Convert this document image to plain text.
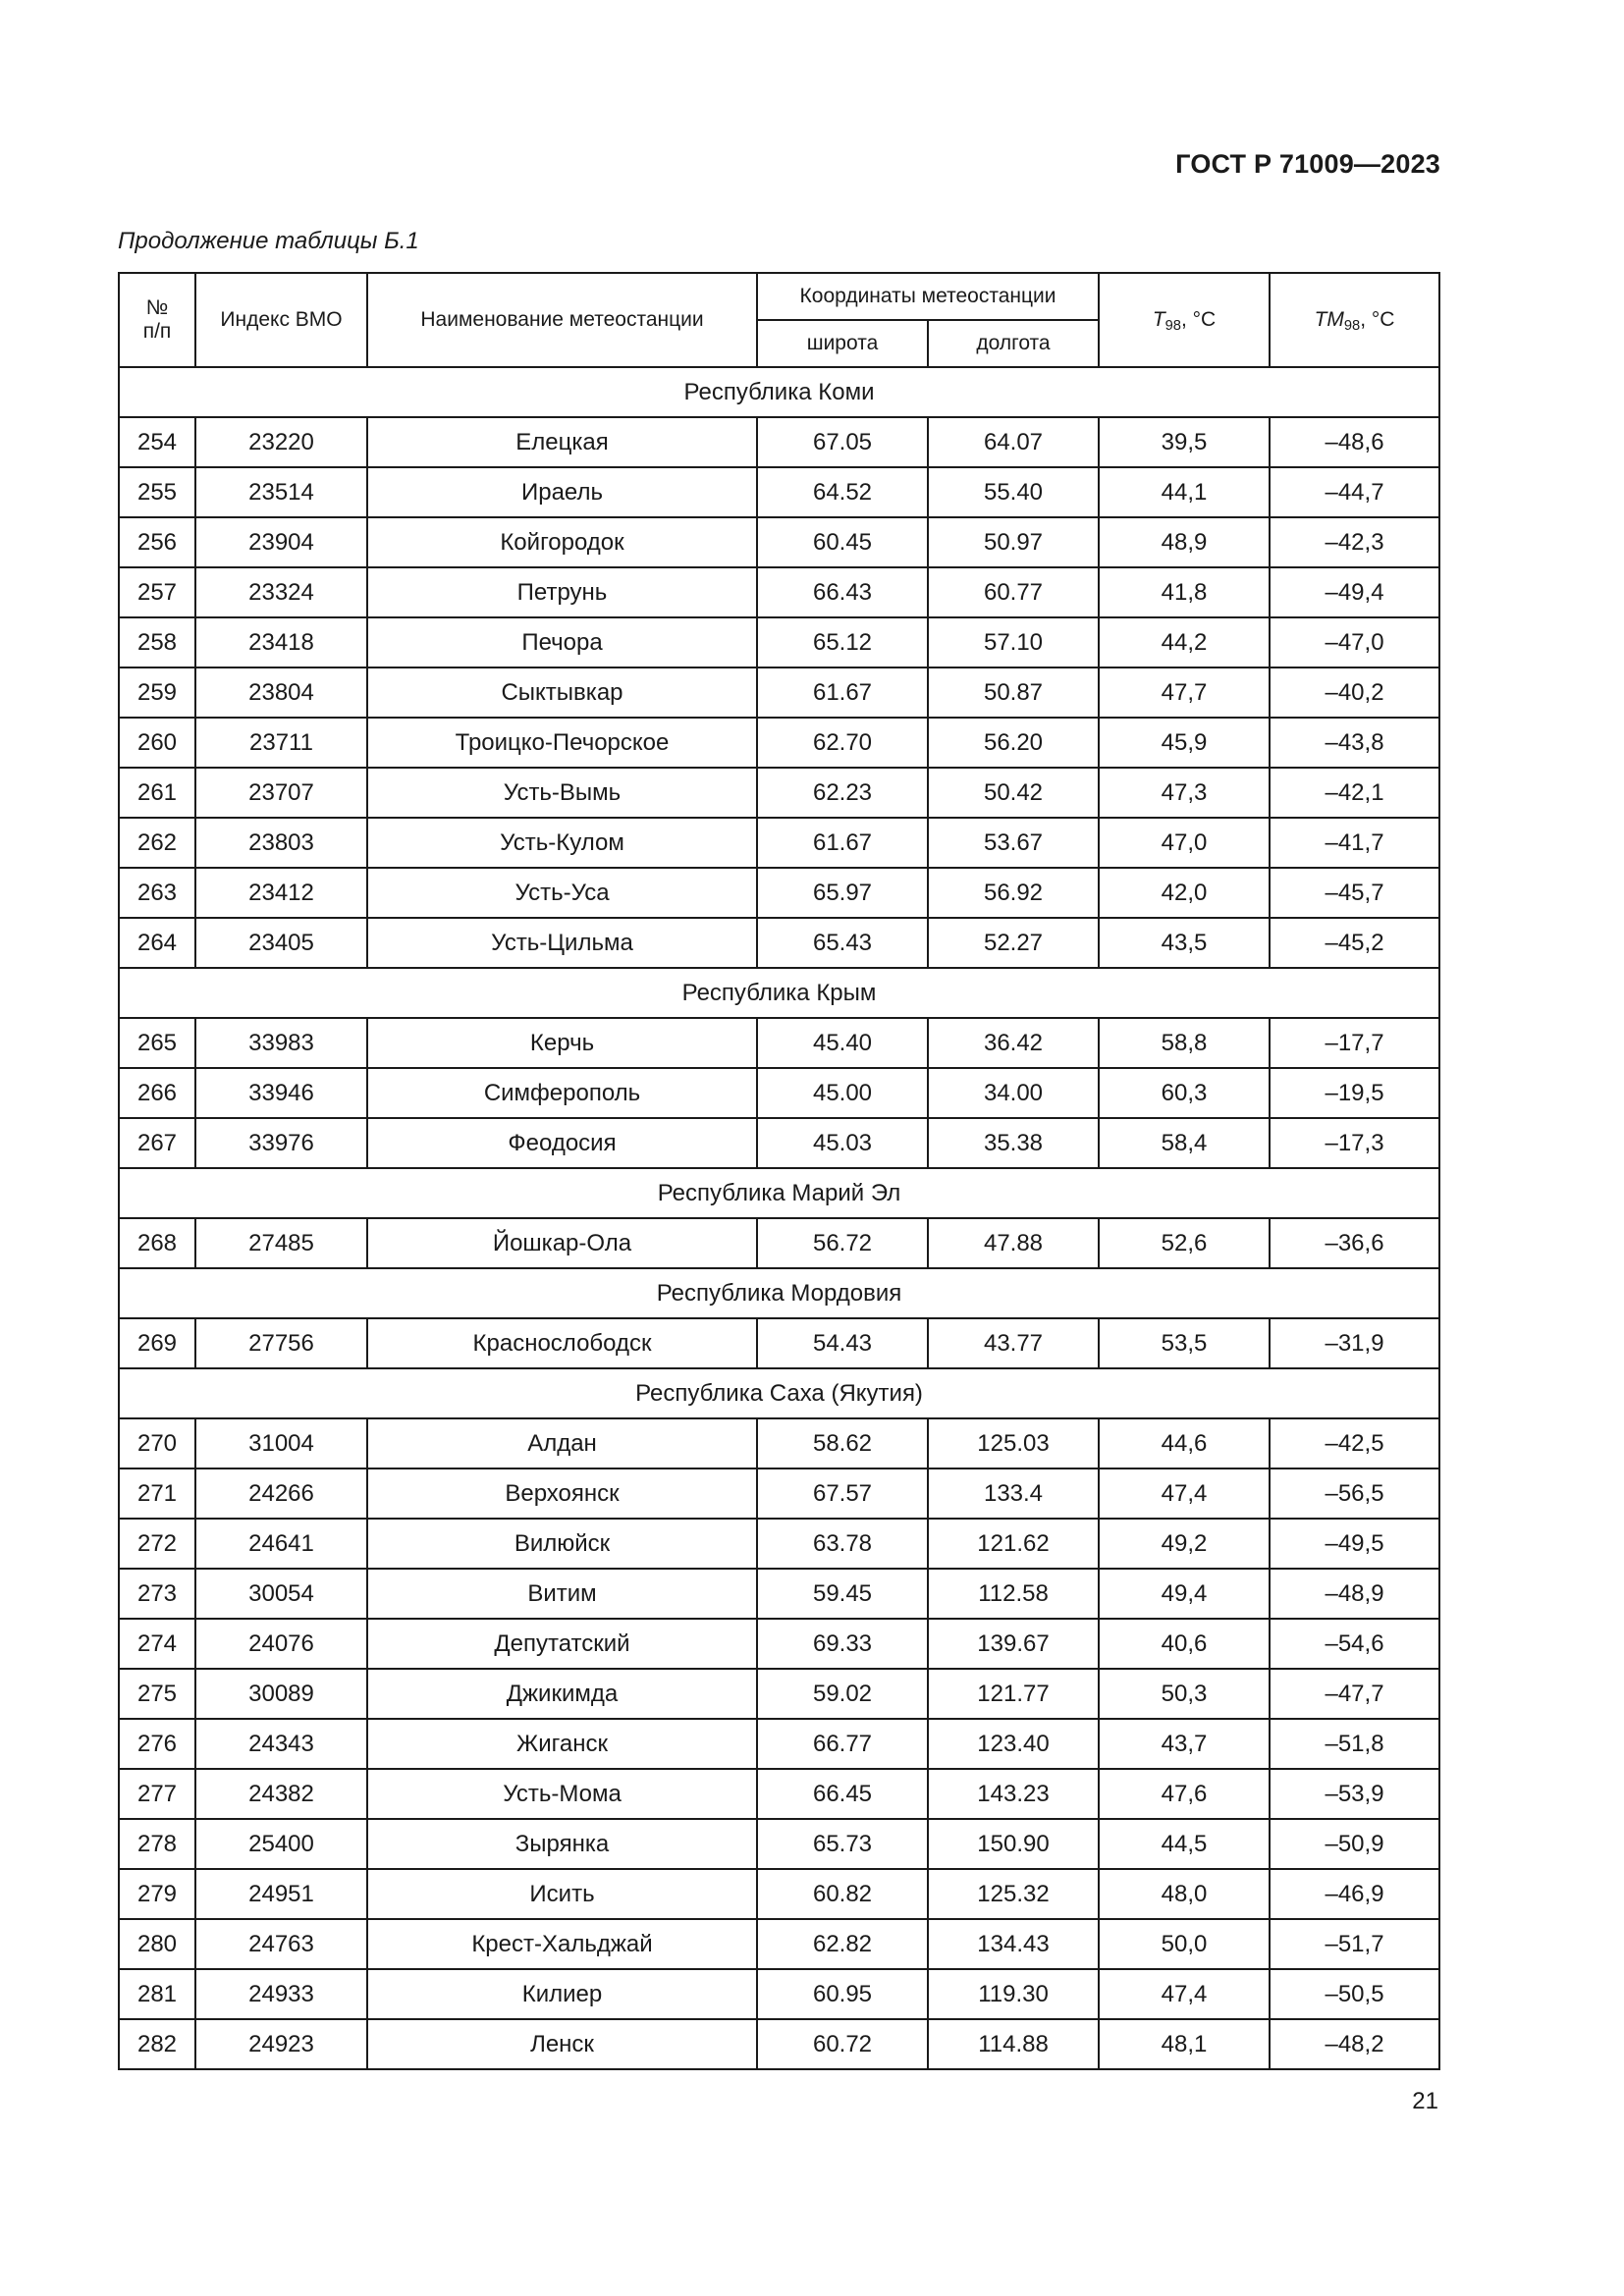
ГОСТ Р 71009—2023
Продолжение таблицы Б.1
№
п/п	Индекс ВМО	Наименование метеостанции	Координаты метеостанции		$T_{98}$, °C	$TM_{98}$, °C
			широта	долгота		
Республика Коми						
254	23220	Елецкая	67.05	64.07	39,5	–48,6
255	23514	Ираель	64.52	55.40	44,1	–44,7
256	23904	Койгородок	60.45	50.97	48,9	–42,3
257	23324	Петрунь	66.43	60.77	41,8	–49,4
258	23418	Печора	65.12	57.10	44,2	–47,0
259	23804	Сыктывкар	61.67	50.87	47,7	–40,2
260	23711	Троицко-Печорское	62.70	56.20	45,9	–43,8
261	23707	Усть-Вымь	62.23	50.42	47,3	–42,1
262	23803	Усть-Кулом	61.67	53.67	47,0	–41,7
263	23412	Усть-Уса	65.97	56.92	42,0	–45,7
264	23405	Усть-Цильма	65.43	52.27	43,5	–45,2
Республика Крым						
265	33983	Керчь	45.40	36.42	58,8	–17,7
266	33946	Симферополь	45.00	34.00	60,3	–19,5
267	33976	Феодосия	45.03	35.38	58,4	–17,3
Республика Марий Эл						
268	27485	Йошкар-Ола	56.72	47.88	52,6	–36,6
Республика Мордовия						
269	27756	Краснослободск	54.43	43.77	53,5	–31,9
Республика Саха (Якутия)						
270	31004	Алдан	58.62	125.03	44,6	–42,5
271	24266	Верхоянск	67.57	133.4	47,4	–56,5
272	24641	Вилюйск	63.78	121.62	49,2	–49,5
273	30054	Витим	59.45	112.58	49,4	–48,9
274	24076	Депутатский	69.33	139.67	40,6	–54,6
275	30089	Джикимда	59.02	121.77	50,3	–47,7
276	24343	Жиганск	66.77	123.40	43,7	–51,8
277	24382	Усть-Мома	66.45	143.23	47,6	–53,9
278	25400	Зырянка	65.73	150.90	44,5	–50,9
279	24951	Исить	60.82	125.32	48,0	–46,9
280	24763	Крест-Хальджай	62.82	134.43	50,0	–51,7
281	24933	Килиер	60.95	119.30	47,4	–50,5
282	24923	Ленск	60.72	114.88	48,1	–48,2
21
